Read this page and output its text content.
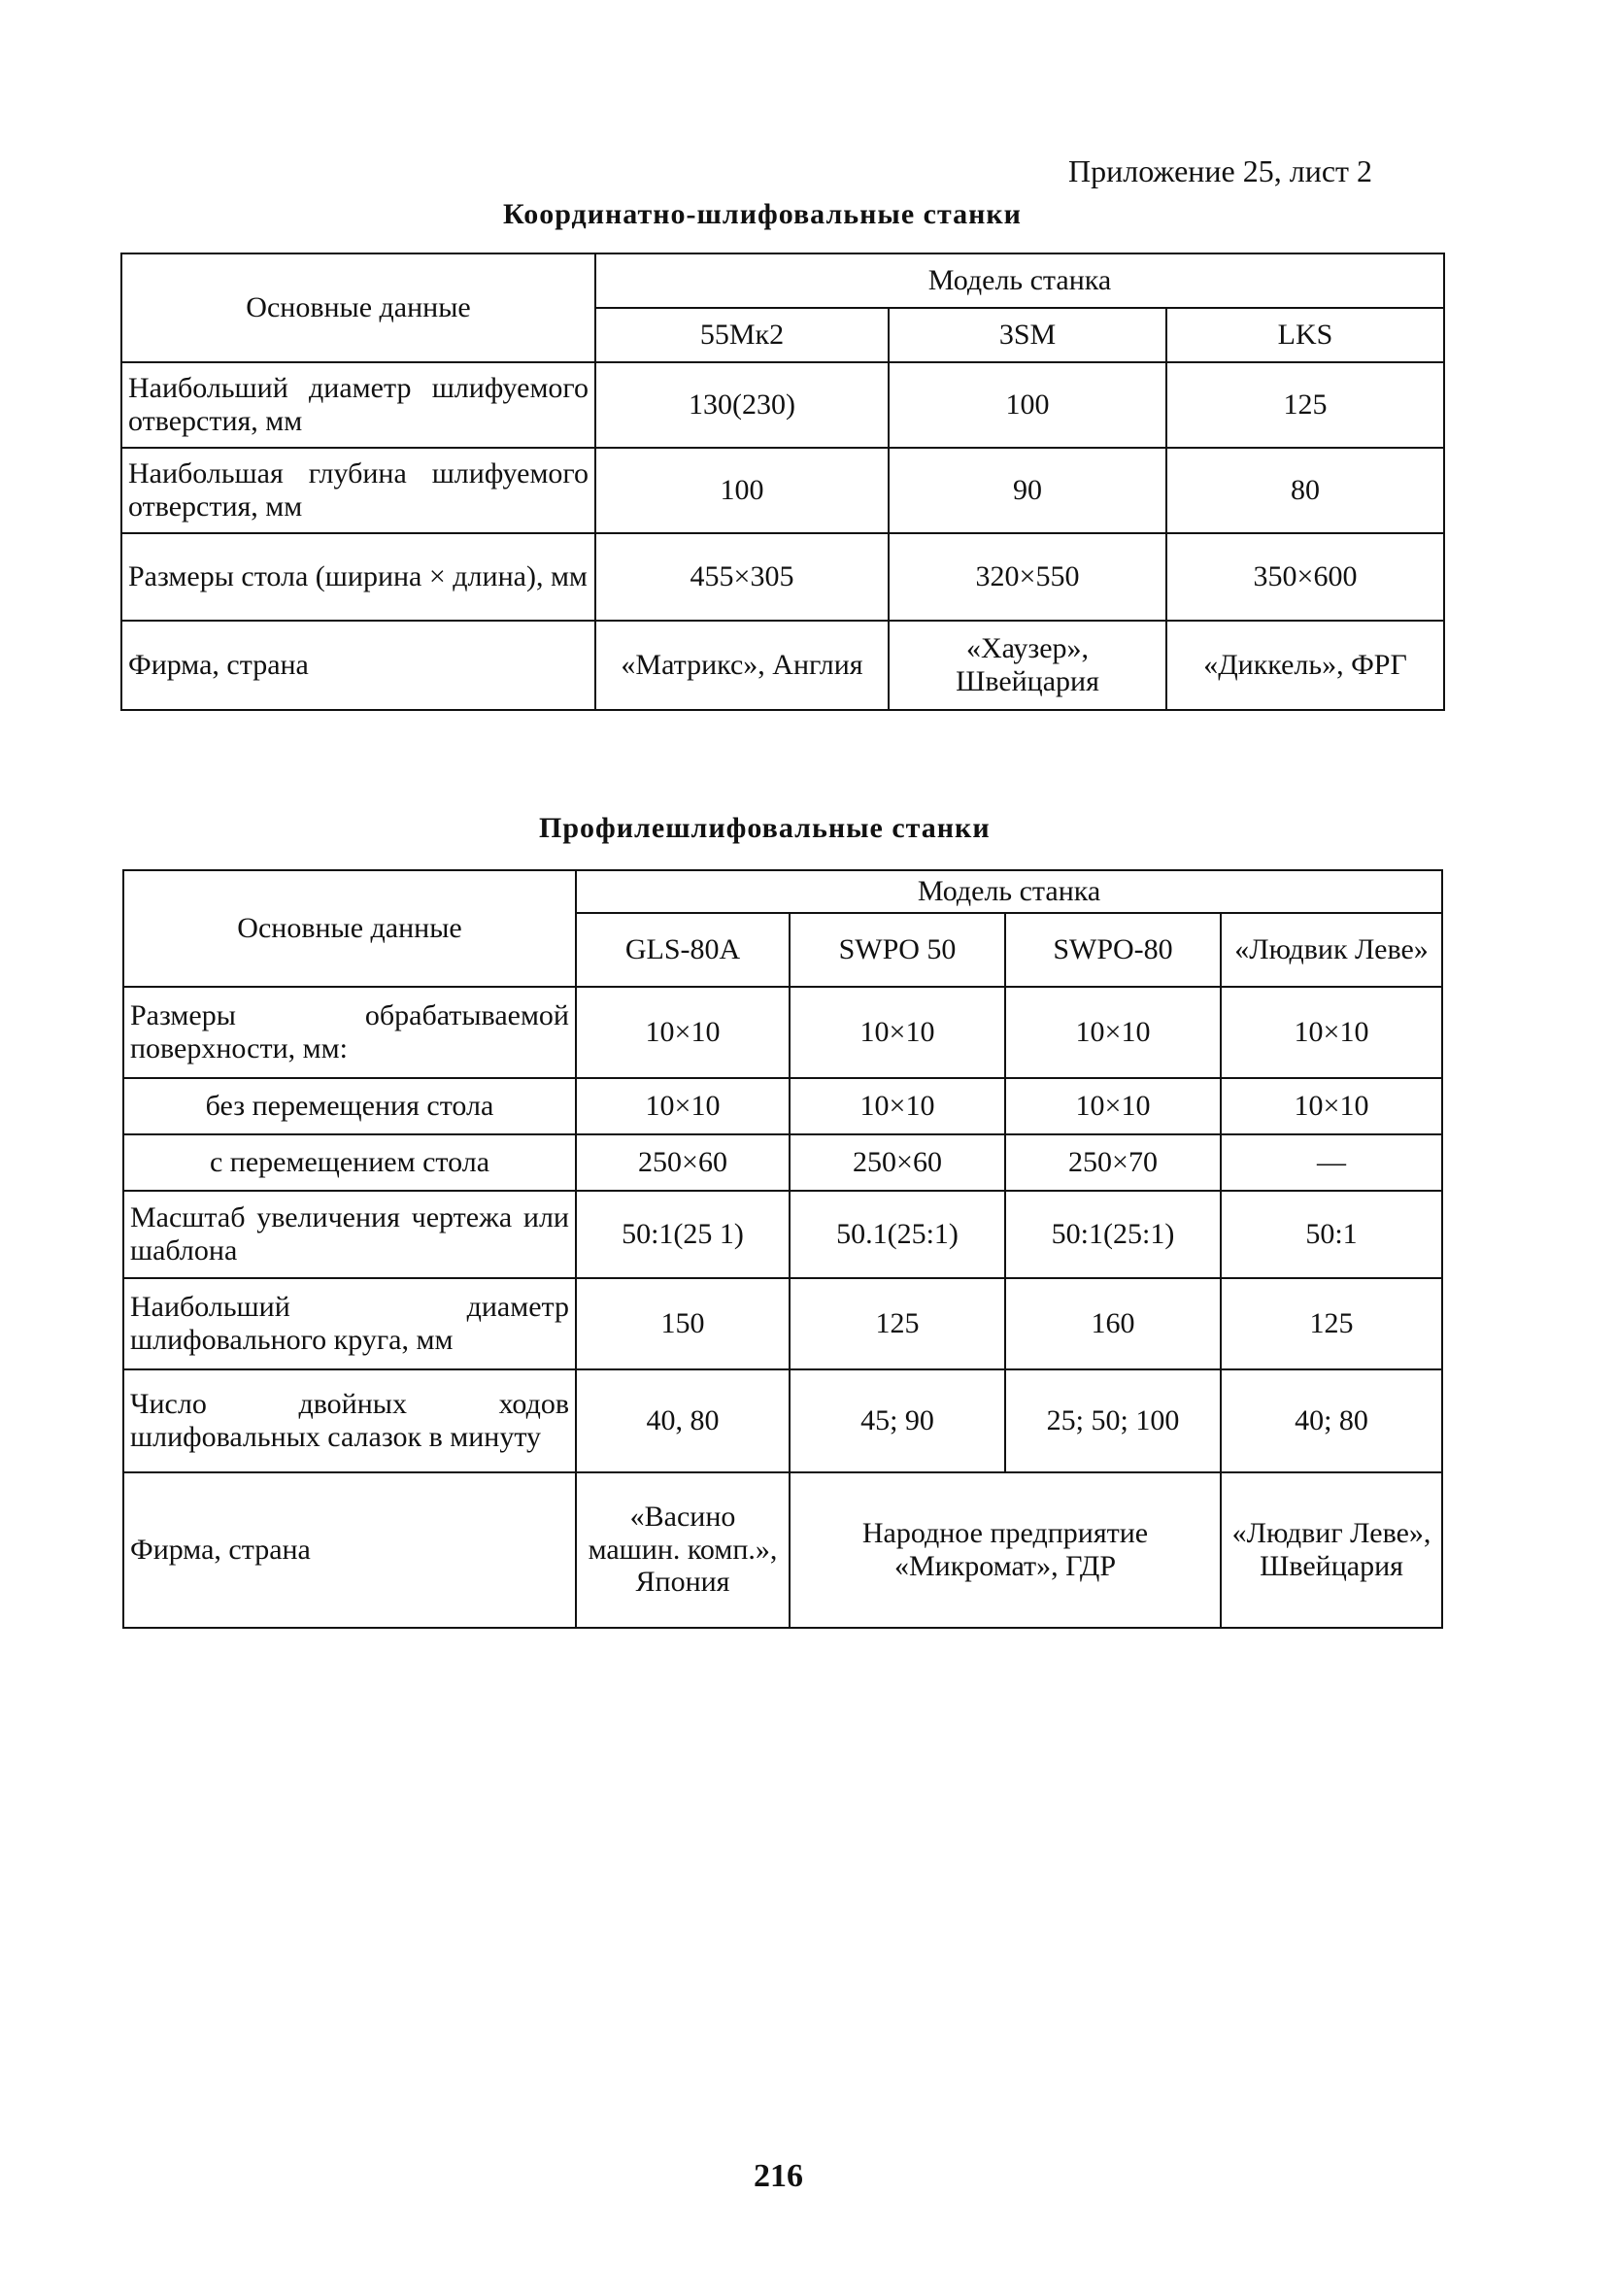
Приложение 25, лист 2
Координатно-шлифовальные станки
Основные данные	Модель станка		
	55Мк2	3SM	LKS
Наибольший диаметр шлифуемого отверстия, мм	130(230)	100	125
Наибольшая глубина шлифуемого отверстия, мм	100	90	80
Размеры стола (ширина × длина), мм	455×305	320×550	350×600
Фирма, страна	«Матрикс», Англия	«Хаузер», Швейцария	«Диккель», ФРГ
Профилешлифовальные станки
Основные данные	Модель станка			
	GLS-80A	SWPO 50	SWPO-80	«Людвик Леве»
Размеры обрабатываемой поверхности, мм:	10×10	10×10	10×10	10×10
без перемещения стола	10×10	10×10	10×10	10×10
с перемещением стола	250×60	250×60	250×70	—
Масштаб увеличения чертежа или шаблона	50:1(25 1)	50.1(25:1)	50:1(25:1)	50:1
Наибольший диаметр шлифовального круга, мм	150	125	160	125
Число двойных ходов шлифовальных салазок в минуту	40, 80	45; 90	25; 50; 100	40; 80
Фирма, страна	«Васино машин. комп.», Япония	Народное предприятие «Микромат», ГДР		«Людвиг Леве», Швейцария
216
